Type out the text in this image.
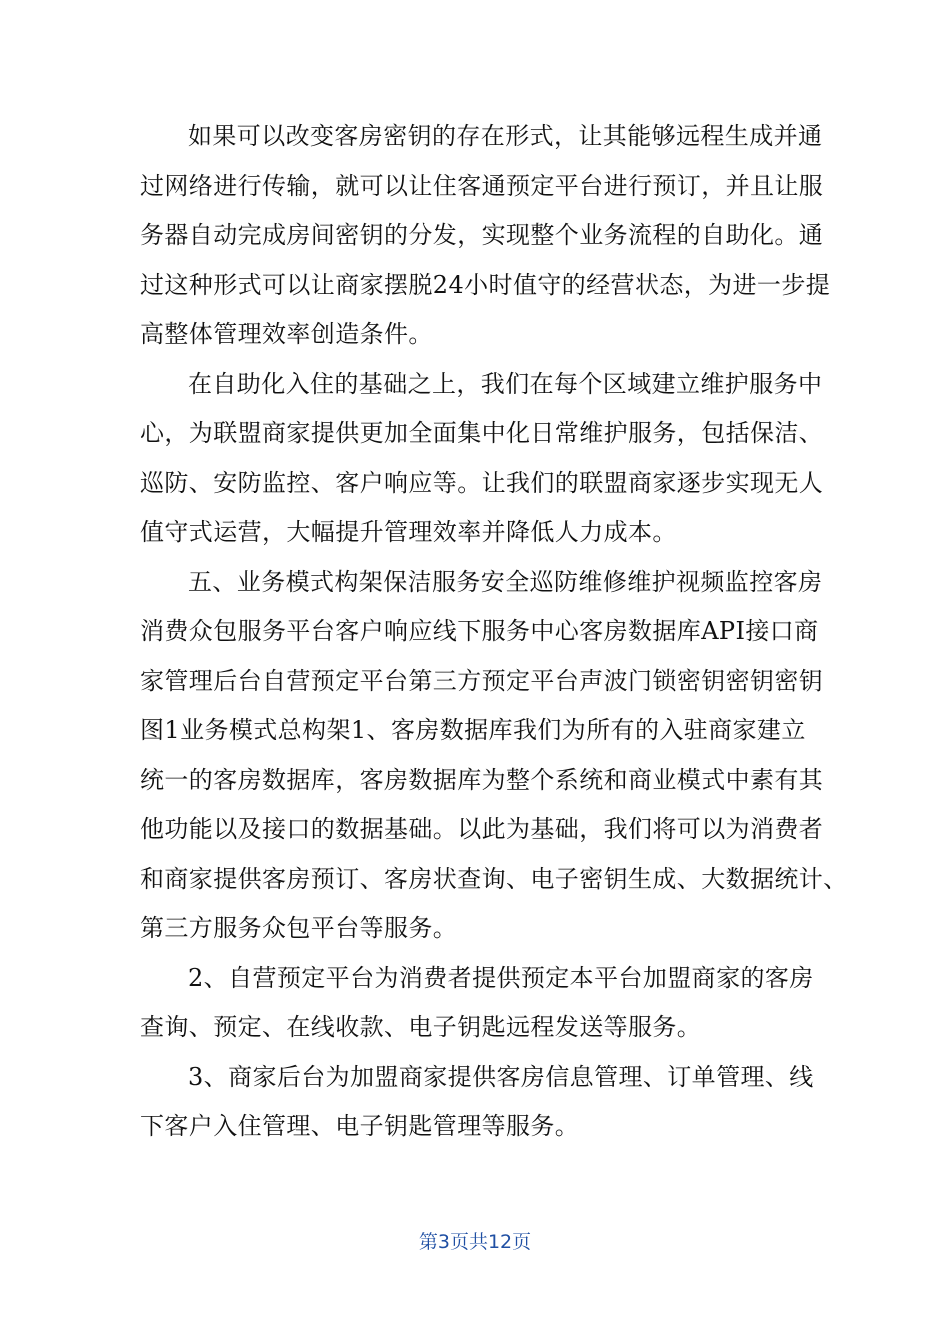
如果可以改变客房密钥的存在形式，让其能够远程生成并通
过网络进行传输，就可以让住客通预定平台进行预订，并且让服
务器自动完成房间密钥的分发，实现整个业务流程的自助化。通
过这种形式可以让商家摆脱24小时值守的经营状态，为进一步提
高整体管理效率创造条件。

在自助化入住的基础之上，我们在每个区域建立维护服务中
心，为联盟商家提供更加全面集中化日常维护服务，包括保洁、
巡防、安防监控、客户响应等。让我们的联盟商家逐步实现无人
值守式运营，大幅提升管理效率并降低人力成本。

五、业务模式构架保洁服务安全巡防维修维护视频监控客房
消费众包服务平台客户响应线下服务中心客房数据库API接口商
家管理后台自营预定平台第三方预定平台声波门锁密钥密钥密钥
图1业务模式总构架1、客房数据库我们为所有的入驻商家建立
统一的客房数据库，客房数据库为整个系统和商业模式中素有其
他功能以及接口的数据基础。以此为基础，我们将可以为消费者
和商家提供客房预订、客房状查询、电子密钥生成、大数据统计、
第三方服务众包平台等服务。

2、自营预定平台为消费者提供预定本平台加盟商家的客房
查询、预定、在线收款、电子钥匙远程发送等服务。

3、商家后台为加盟商家提供客房信息管理、订单管理、线
下客户入住管理、电子钥匙管理等服务。

第3页共12页
